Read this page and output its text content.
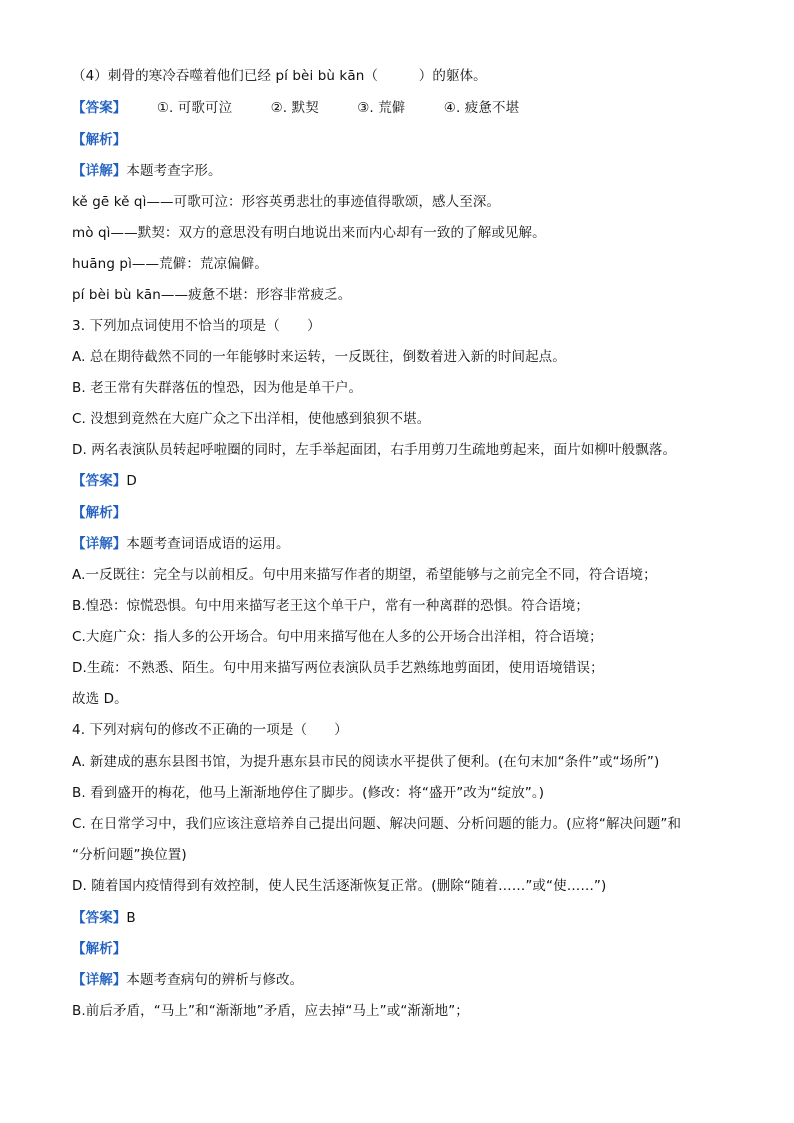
（4）刺骨的寒冷吞噬着他们已经 pí bèi bù kān（　　　）的躯体。
【答案】 ①. 可歌可泣	②. 默契	③. 荒僻	④. 疲惫不堪
【解析】
【详解】本题考查字形。
kě gē kě qì——可歌可泣：形容英勇悲壮的事迹值得歌颂，感人至深。
mò qì——默契：双方的意思没有明白地说出来而内心却有一致的了解或见解。
huāng pì——荒僻：荒凉偏僻。
pí bèi bù kān——疲惫不堪：形容非常疲乏。
3. 下列加点词使用不恰当的项是（　　）
A. 总在期待截然不同的一年能够时来运转，一反既往，倒数着进入新的时间起点。
B. 老王常有失群落伍的惶恐，因为他是单干户。
C. 没想到竟然在大庭广众之下出洋相，使他感到狼狈不堪。
D. 两名表演队员转起呼啦圈的同时，左手举起面团，右手用剪刀生疏地剪起来，面片如柳叶般飘落。
【答案】D
【解析】
【详解】本题考查词语成语的运用。
A.一反既往：完全与以前相反。句中用来描写作者的期望，希望能够与之前完全不同，符合语境；
B.惶恐：惊慌恐惧。句中用来描写老王这个单干户，常有一种离群的恐惧。符合语境；
C.大庭广众：指人多的公开场合。句中用来描写他在人多的公开场合出洋相，符合语境；
D.生疏：不熟悉、陌生。句中用来描写两位表演队员手艺熟练地剪面团，使用语境错误；
故选 D。
4. 下列对病句的修改不正确的一项是（　　）
A. 新建成的惠东县图书馆，为提升惠东县市民的阅读水平提供了便利。(在句末加“条件”或“场所”)
B. 看到盛开的梅花，他马上渐渐地停住了脚步。(修改：将“盛开”改为“绽放”。)
C. 在日常学习中，我们应该注意培养自己提出问题、解决问题、分析问题的能力。(应将“解决问题”和
“分析问题”换位置)
D. 随着国内疫情得到有效控制，使人民生活逐渐恢复正常。(删除“随着……”或“使……”)
【答案】B
【解析】
【详解】本题考查病句的辨析与修改。
B.前后矛盾，“马上”和“渐渐地”矛盾，应去掉“马上”或“渐渐地”；
